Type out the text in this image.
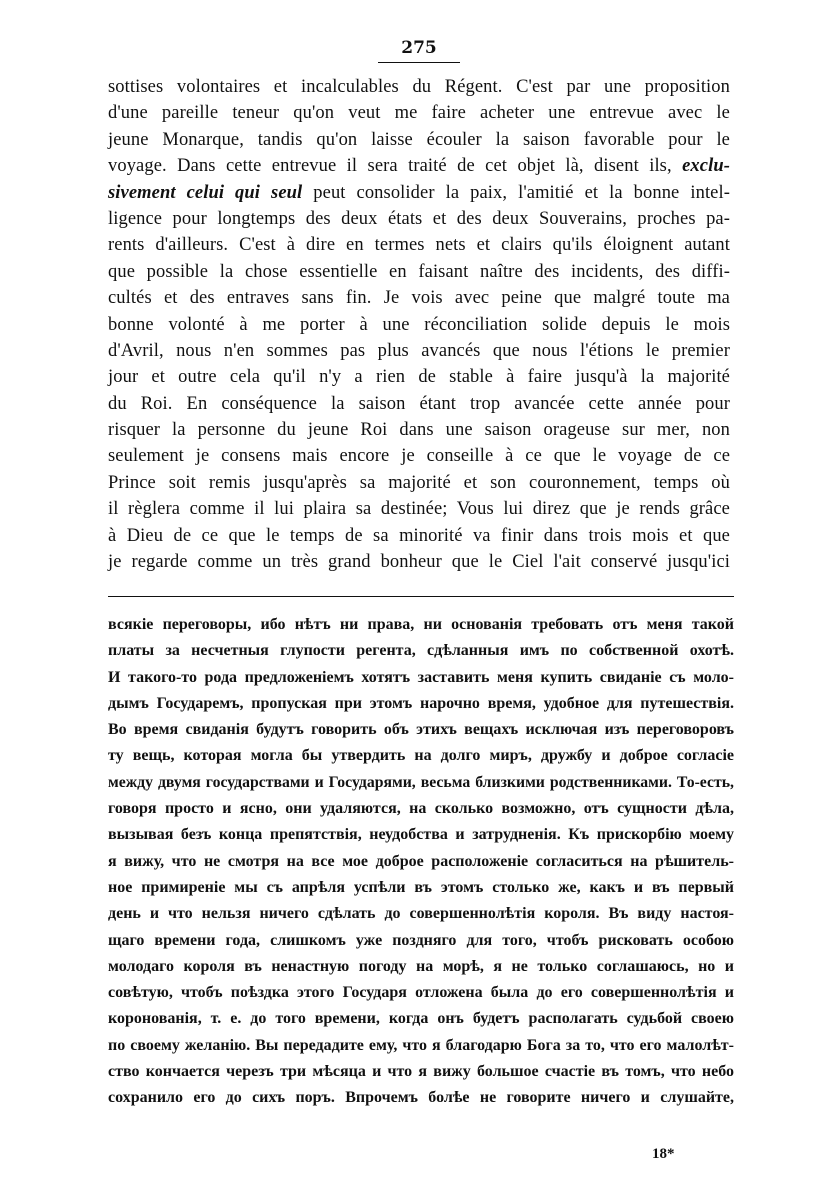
275
sottises volontaires et incalculables du Régent. C'est par une proposition
d'une pareille teneur qu'on veut me faire acheter une entrevue avec le
jeune Monarque, tandis qu'on laisse écouler la saison favorable pour le
voyage. Dans cette entrevue il sera traité de cet objet là, disent ils, exclu-
sivement celui qui seul peut consolider la paix, l'amitié et la bonne intel-
ligence pour longtemps des deux états et des deux Souverains, proches pa-
rents d'ailleurs. C'est à dire en termes nets et clairs qu'ils éloignent autant
que possible la chose essentielle en faisant naître des incidents, des diffi-
cultés et des entraves sans fin. Je vois avec peine que malgré toute ma
bonne volonté à me porter à une réconciliation solide depuis le mois
d'Avril, nous n'en sommes pas plus avancés que nous l'étions le premier
jour et outre cela qu'il n'y a rien de stable à faire jusqu'à la majorité
du Roi. En conséquence la saison étant trop avancée cette année pour
risquer la personne du jeune Roi dans une saison orageuse sur mer, non
seulement je consens mais encore je conseille à ce que le voyage de ce
Prince soit remis jusqu'après sa majorité et son couronnement, temps où
il règlera comme il lui plaira sa destinée; Vous lui direz que je rends grâce
à Dieu de ce que le temps de sa minorité va finir dans trois mois et que
je regarde comme un très grand bonheur que le Ciel l'ait conservé jusqu'ici
всякіе переговоры, ибо нѣтъ ни права, ни основанія требовать отъ меня такой
платы за несчетныя глупости регента, сдѣланныя имъ по собственной охотѣ.
И такого-то рода предложеніемъ хотятъ заставить меня купить свиданіе съ моло-
дымъ Государемъ, пропуская при этомъ нарочно время, удобное для путешествія.
Во время свиданія будутъ говорить объ этихъ вещахъ исключая изъ переговоровъ
ту вещь, которая могла бы утвердить на долго миръ, дружбу и доброе согласіе
между двумя государствами и Государями, весьма близкими родственниками. То-есть,
говоря просто и ясно, они удаляются, на сколько возможно, отъ сущности дѣла,
вызывая безъ конца препятствія, неудобства и затрудненія. Къ прискорбію моему
я вижу, что не смотря на все мое доброе расположеніе согласиться на рѣшитель-
ное примиреніе мы съ апрѣля успѣли въ этомъ столько же, какъ и въ первый
день и что нельзя ничего сдѣлать до совершеннолѣтія короля. Въ виду настоя-
щаго времени года, слишкомъ уже поздняго для того, чтобъ рисковать особою
молодаго короля въ ненастную погоду на морѣ, я не только соглашаюсь, но и
совѣтую, чтобъ поѣздка этого Государя отложена была до его совершеннолѣтія и
коронованія, т. е. до того времени, когда онъ будетъ располагать судьбой своею
по своему желанію. Вы передадите ему, что я благодарю Бога за то, что его малолѣт-
ство кончается черезъ три мѣсяца и что я вижу большое счастіе въ томъ, что небо
сохранило его до сихъ поръ. Впрочемъ болѣе не говорите ничего и слушайте,
18*
